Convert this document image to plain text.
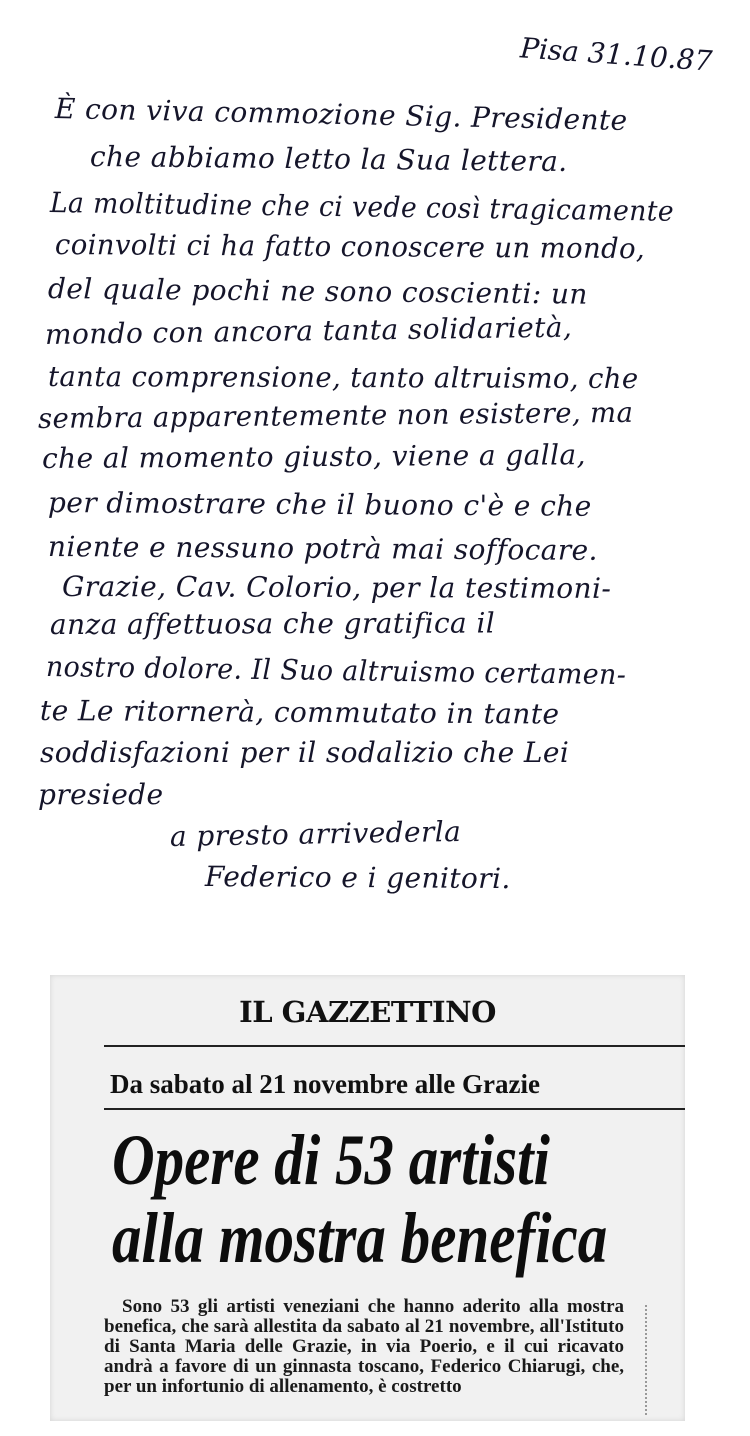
Pisa 31.10.87
È con viva commozione Sig. Presidente
che abbiamo letto la Sua lettera.
La moltitudine che ci vede così tragicamente
coinvolti ci ha fatto conoscere un mondo,
del quale pochi ne sono coscienti: un
mondo con ancora tanta solidarietà,
tanta comprensione, tanto altruismo, che
sembra apparentemente non esistere, ma
che al momento giusto, viene a galla,
per dimostrare che il buono c'è e che
niente e nessuno potrà mai soffocare.
Grazie, Cav. Colorio, per la testimoni-
anza affettuosa che gratifica il
nostro dolore. Il Suo altruismo certamen-
te Le ritornerà, commutato in tante
soddisfazioni per il sodalizio che Lei
presiede
a presto arrivederla
Federico e i genitori.
IL GAZZETTINO
Da sabato al 21 novembre alle Grazie
Opere di 53 artisti
alla mostra benefica
Sono 53 gli artisti veneziani che hanno aderito alla mostra benefica, che sarà allestita da sabato al 21 novembre, all'Istituto di Santa Maria delle Grazie, in via Poerio, e il cui ricavato andrà a favore di un ginnasta toscano, Federico Chiarugi, che, per un infortunio di allenamento, è costretto
